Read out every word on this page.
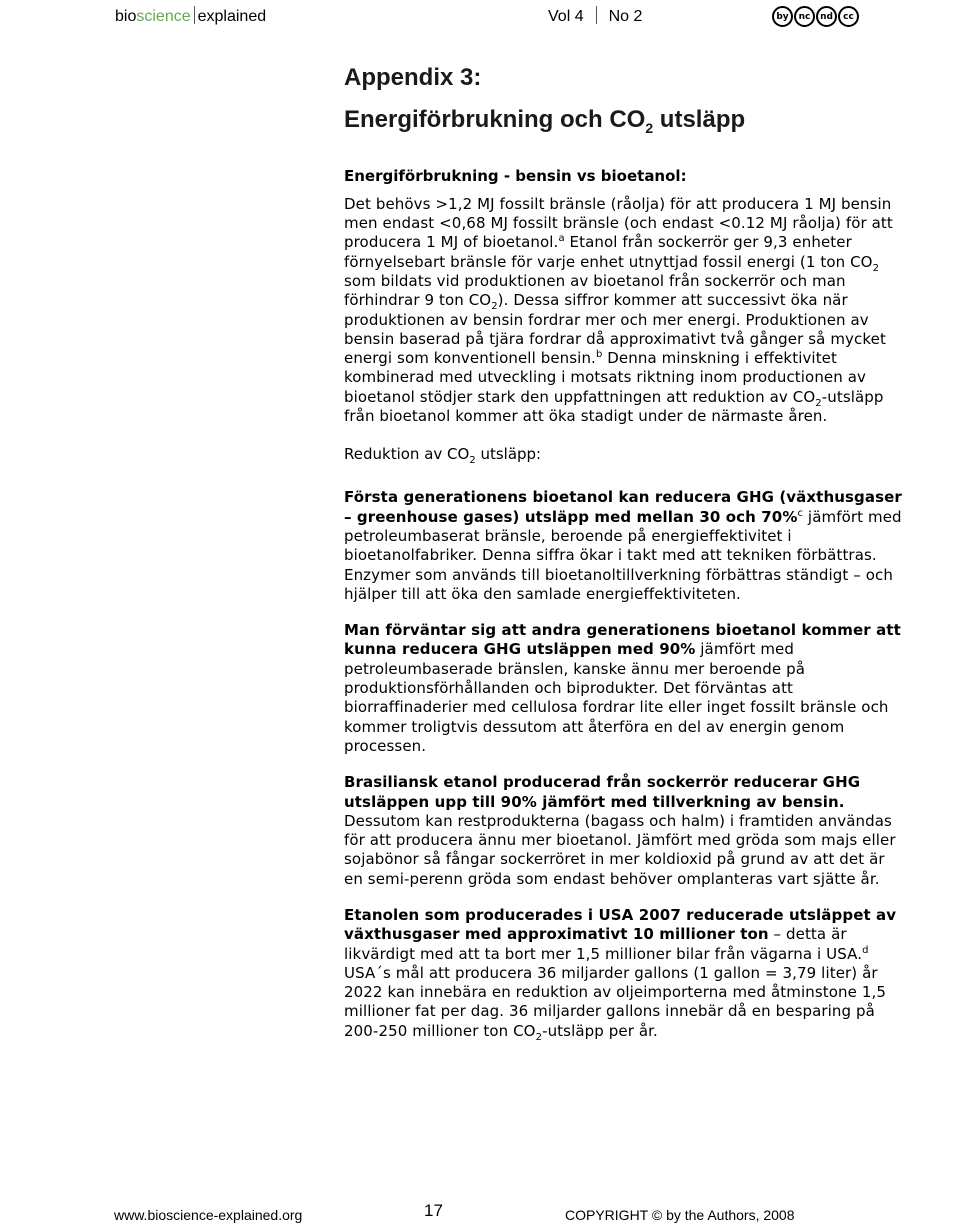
bioscience explained	Vol 4 No 2	by nc nd cc
Appendix 3:
Energiförbrukning och $CO_2$ utsläpp
Energiförbrukning - bensin vs bioetanol:

Det behövs >1,2 MJ fossilt bränsle (råolja) för att producera 1 MJ bensin men endast <0,68 MJ fossilt bränsle (och endast <0.12 MJ råolja) för att producera 1 MJ of bioetanol.$^a$ Etanol från sockerrör ger 9,3 enheter förnyelsebart bränsle för varje enhet utnyttjad fossil energi (1 ton $CO_2$ som bildats vid produktionen av bioetanol från sockerrör och man förhindrar 9 ton $CO_2$). Dessa siffror kommer att successivt öka när produktionen av bensin fordrar mer och mer energi. Produktionen av bensin baserad på tjära fordrar då approximativt två gånger så mycket energi som konventionell bensin.$^b$ Denna minskning i effektivitet kombinerad med utveckling i motsats riktning inom productionen av bioetanol stödjer stark den uppfattningen att reduktion av $CO_2$-utsläpp från bioetanol kommer att öka stadigt under de närmaste åren.

Reduktion av $CO_2$ utsläpp:

Första generationens bioetanol kan reducera GHG (växthusgaser – greenhouse gases) utsläpp med mellan 30 och 70%$^c$ jämfört med petroleumbaserat bränsle, beroende på energieffektivitet i bioetanolfabriker. Denna siffra ökar i takt med att tekniken förbättras. Enzymer som används till bioetanoltillverkning förbättras ständigt – och hjälper till att öka den samlade energieffektiviteten.

Man förväntar sig att andra generationens bioetanol kommer att kunna reducera GHG utsläppen med 90% jämfört med petroleumbaserade bränslen, kanske ännu mer beroende på produktionsförhållanden och biprodukter. Det förväntas att biorraffinaderier med cellulosa fordrar lite eller inget fossilt bränsle och kommer troligtvis dessutom att återföra en del av energin genom processen.

Brasiliansk etanol producerad från sockerrör reducerar GHG utsläppen upp till 90% jämfört med tillverkning av bensin. Dessutom kan restprodukterna (bagass och halm) i framtiden användas för att producera ännu mer bioetanol. Jämfört med gröda som majs eller sojabönor så fångar sockerröret in mer koldioxid på grund av att det är en semi-perenn gröda som endast behöver omplanteras vart sjätte år.

Etanolen som producerades i USA 2007 reducerade utsläppet av växthusgaser med approximativt 10 millioner ton – detta är likvärdigt med att ta bort mer 1,5 millioner bilar från vägarna i USA.$^d$ USA´s mål att producera 36 miljarder gallons (1 gallon = 3,79 liter) år 2022 kan innebära en reduktion av oljeimporterna med åtminstone 1,5 millioner fat per dag. 36 miljarder gallons innebär då en besparing på 200-250 millioner ton $CO_2$-utsläpp per år.

www.bioscience-explained.org	17	COPYRIGHT © by the Authors, 2008
